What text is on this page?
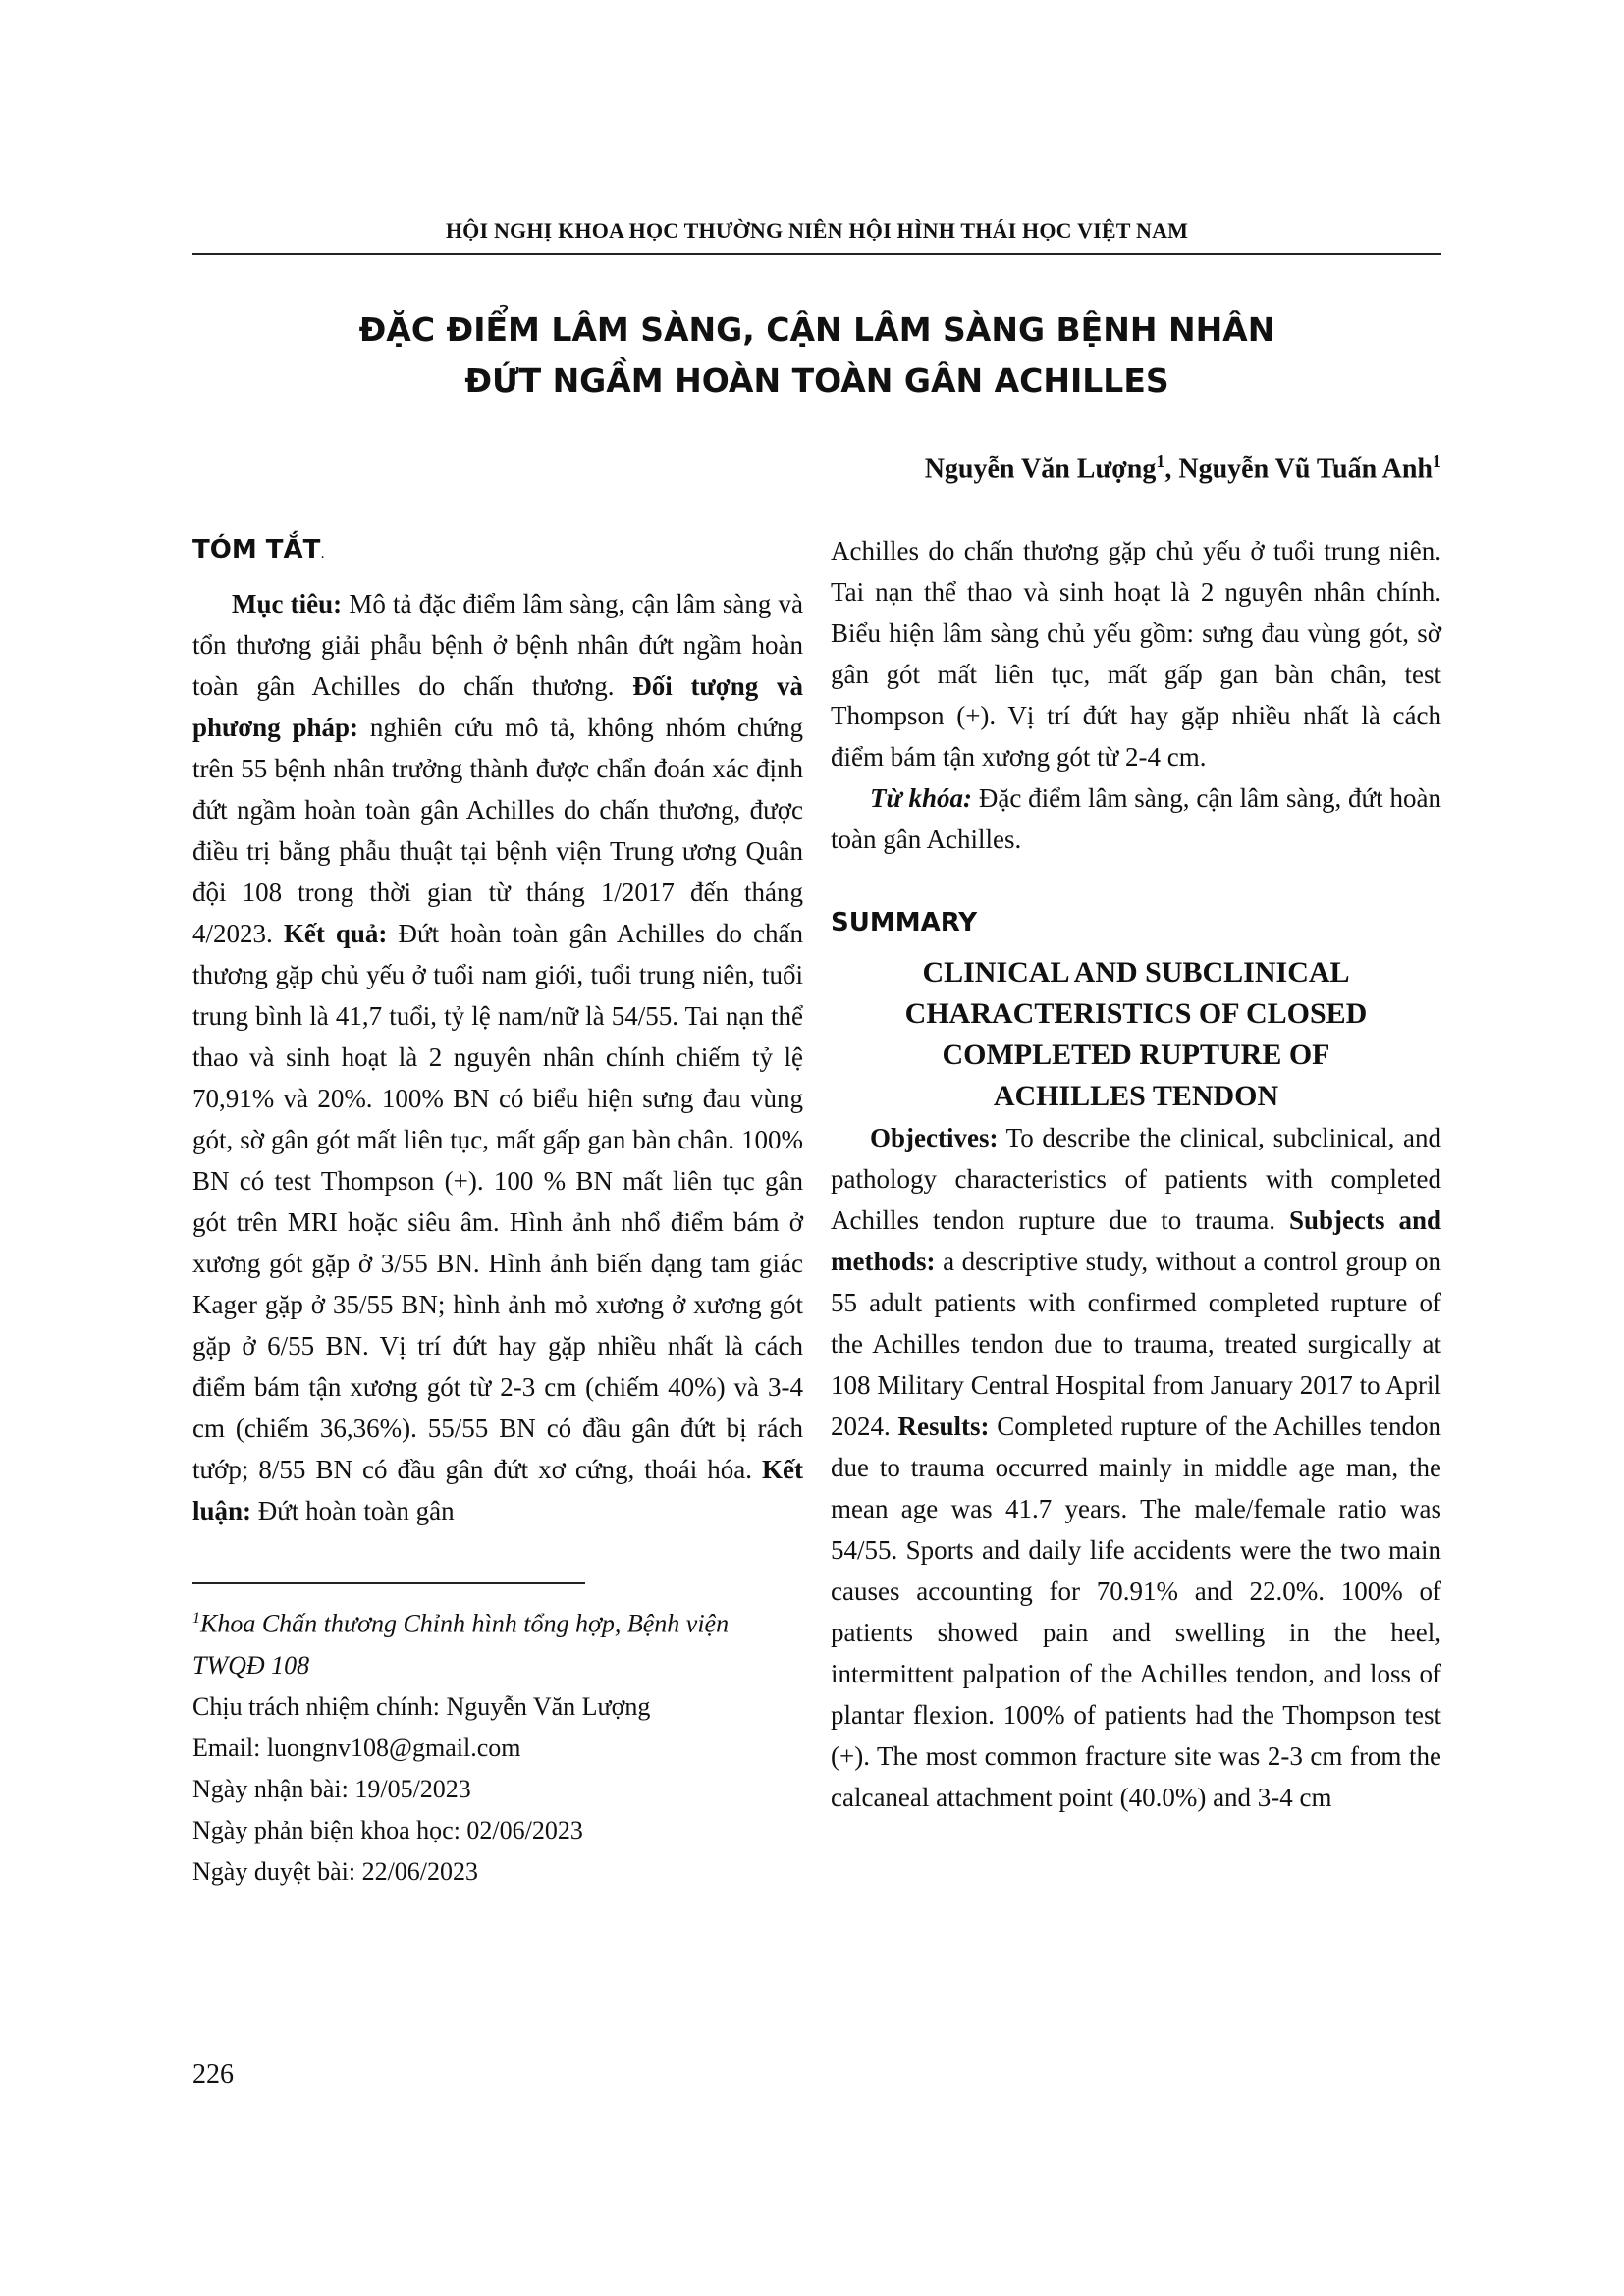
HỘI NGHỊ KHOA HỌC THƯỜNG NIÊN HỘI HÌNH THÁI HỌC VIỆT NAM
ĐẶC ĐIỂM LÂM SÀNG, CẬN LÂM SÀNG BỆNH NHÂN
ĐỨT NGẦM HOÀN TOÀN GÂN ACHILLES
Nguyễn Văn Lượng$^1$, Nguyễn Vũ Tuấn Anh$^1$
TÓM TẮT.

Mục tiêu: Mô tả đặc điểm lâm sàng, cận lâm sàng và tổn thương giải phẫu bệnh ở bệnh nhân đứt ngầm hoàn toàn gân Achilles do chấn thương. Đối tượng và phương pháp: nghiên cứu mô tả, không nhóm chứng trên 55 bệnh nhân trưởng thành được chẩn đoán xác định đứt ngầm hoàn toàn gân Achilles do chấn thương, được điều trị bằng phẫu thuật tại bệnh viện Trung ương Quân đội 108 trong thời gian từ tháng 1/2017 đến tháng 4/2023. Kết quả: Đứt hoàn toàn gân Achilles do chấn thương gặp chủ yếu ở tuổi nam giới, tuổi trung niên, tuổi trung bình là 41,7 tuổi, tỷ lệ nam/nữ là 54/55. Tai nạn thể thao và sinh hoạt là 2 nguyên nhân chính chiếm tỷ lệ 70,91% và 20%. 100% BN có biểu hiện sưng đau vùng gót, sờ gân gót mất liên tục, mất gấp gan bàn chân. 100% BN có test Thompson (+). 100 % BN mất liên tục gân gót trên MRI hoặc siêu âm. Hình ảnh nhổ điểm bám ở xương gót gặp ở 3/55 BN. Hình ảnh biến dạng tam giác Kager gặp ở 35/55 BN; hình ảnh mỏ xương ở xương gót gặp ở 6/55 BN. Vị trí đứt hay gặp nhiều nhất là cách điểm bám tận xương gót từ 2-3 cm (chiếm 40%) và 3-4 cm (chiếm 36,36%). 55/55 BN có đầu gân đứt bị rách tướp; 8/55 BN có đầu gân đứt xơ cứng, thoái hóa. Kết luận: Đứt hoàn toàn gân

$^1$Khoa Chấn thương Chỉnh hình tổng hợp, Bệnh viện TWQĐ 108

Chịu trách nhiệm chính: Nguyễn Văn Lượng

Email: luongnv108@gmail.com

Ngày nhận bài: 19/05/2023

Ngày phản biện khoa học: 02/06/2023

Ngày duyệt bài: 22/06/2023

Achilles do chấn thương gặp chủ yếu ở tuổi trung niên. Tai nạn thể thao và sinh hoạt là 2 nguyên nhân chính. Biểu hiện lâm sàng chủ yếu gồm: sưng đau vùng gót, sờ gân gót mất liên tục, mất gấp gan bàn chân, test Thompson (+). Vị trí đứt hay gặp nhiều nhất là cách điểm bám tận xương gót từ 2-4 cm.

Từ khóa: Đặc điểm lâm sàng, cận lâm sàng, đứt hoàn toàn gân Achilles.

SUMMARY
CLINICAL AND SUBCLINICAL
CHARACTERISTICS OF CLOSED
COMPLETED RUPTURE OF
ACHILLES TENDON

Objectives: To describe the clinical, subclinical, and pathology characteristics of patients with completed Achilles tendon rupture due to trauma. Subjects and methods: a descriptive study, without a control group on 55 adult patients with confirmed completed rupture of the Achilles tendon due to trauma, treated surgically at 108 Military Central Hospital from January 2017 to April 2024. Results: Completed rupture of the Achilles tendon due to trauma occurred mainly in middle age man, the mean age was 41.7 years. The male/female ratio was 54/55. Sports and daily life accidents were the two main causes accounting for 70.91% and 22.0%. 100% of patients showed pain and swelling in the heel, intermittent palpation of the Achilles tendon, and loss of plantar flexion. 100% of patients had the Thompson test (+). The most common fracture site was 2-3 cm from the calcaneal attachment point (40.0%) and 3-4 cm

226
